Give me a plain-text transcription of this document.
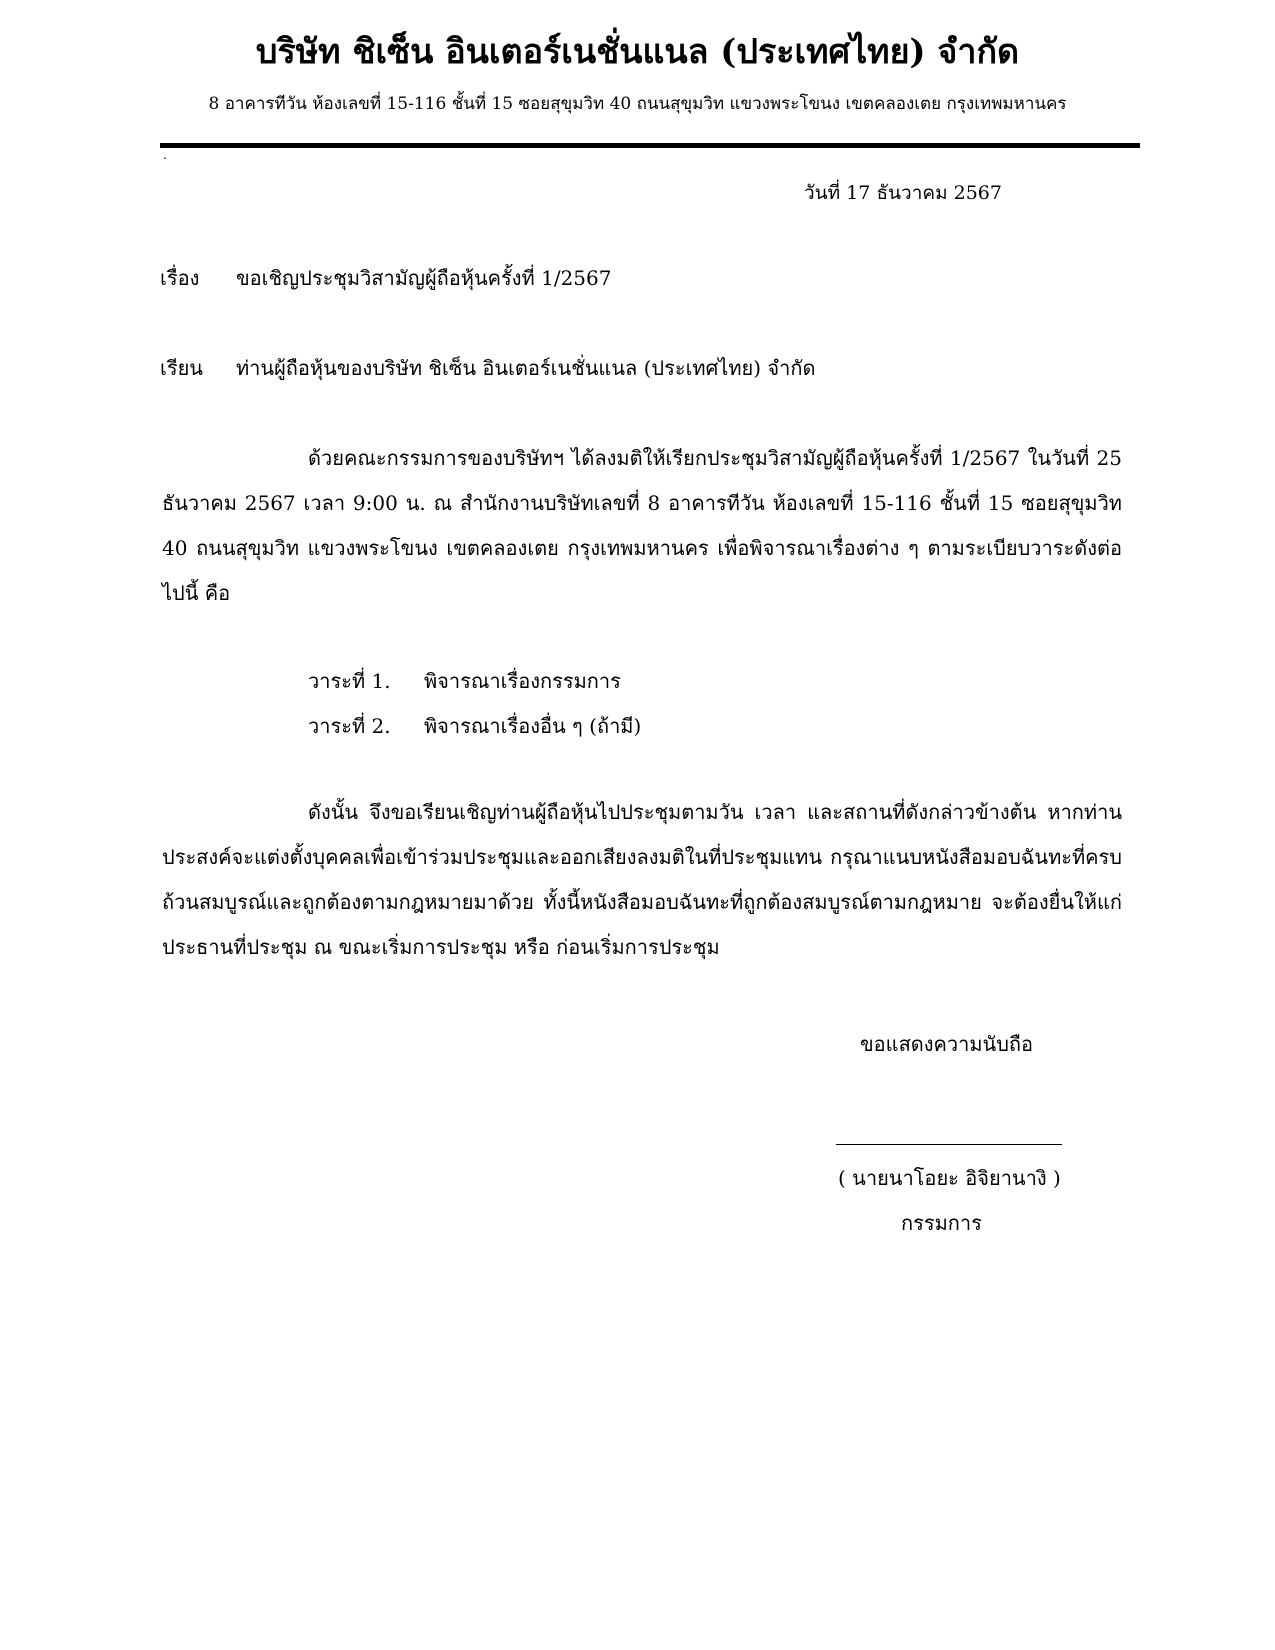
บริษัท ชิเซ็น อินเตอร์เนชั่นแนล (ประเทศไทย) จำกัด
8 อาคารทีวัน ห้องเลขที่ 15-116 ชั้นที่ 15 ซอยสุขุมวิท 40 ถนนสุขุมวิท แขวงพระโขนง เขตคลองเตย กรุงเทพมหานคร
.
วันที่ 17 ธันวาคม 2567
เรื่อง ขอเชิญประชุมวิสามัญผู้ถือหุ้นครั้งที่ 1/2567
เรียน ท่านผู้ถือหุ้นของบริษัท ชิเซ็น อินเตอร์เนชั่นแนล (ประเทศไทย) จำกัด
ด้วยคณะกรรมการของบริษัทฯ ได้ลงมติให้เรียกประชุมวิสามัญผู้ถือหุ้นครั้งที่ 1/2567 ในวันที่ 25 ธันวาคม 2567 เวลา 9:00 น. ณ สำนักงานบริษัทเลขที่ 8 อาคารทีวัน ห้องเลขที่ 15-116 ชั้นที่ 15 ซอยสุขุมวิท 40 ถนนสุขุมวิท แขวงพระโขนง เขตคลองเตย กรุงเทพมหานคร เพื่อพิจารณาเรื่องต่าง ๆ ตามระเบียบวาระดังต่อไปนี้ คือ
วาระที่ 1. พิจารณาเรื่องกรรมการ
วาระที่ 2. พิจารณาเรื่องอื่น ๆ (ถ้ามี)
ดังนั้น จึงขอเรียนเชิญท่านผู้ถือหุ้นไปประชุมตามวัน เวลา และสถานที่ดังกล่าวข้างต้น หากท่านประสงค์จะแต่งตั้งบุคคลเพื่อเข้าร่วมประชุมและออกเสียงลงมติในที่ประชุมแทน กรุณาแนบหนังสือมอบฉันทะที่ครบถ้วนสมบูรณ์และถูกต้องตามกฎหมายมาด้วย ทั้งนี้หนังสือมอบฉันทะที่ถูกต้องสมบูรณ์ตามกฎหมาย จะต้องยื่นให้แก่ประธานที่ประชุม ณ ขณะเริ่มการประชุม หรือ ก่อนเริ่มการประชุม
ขอแสดงความนับถือ
( นายนาโอยะ อิจิยานางิ )
กรรมการ
